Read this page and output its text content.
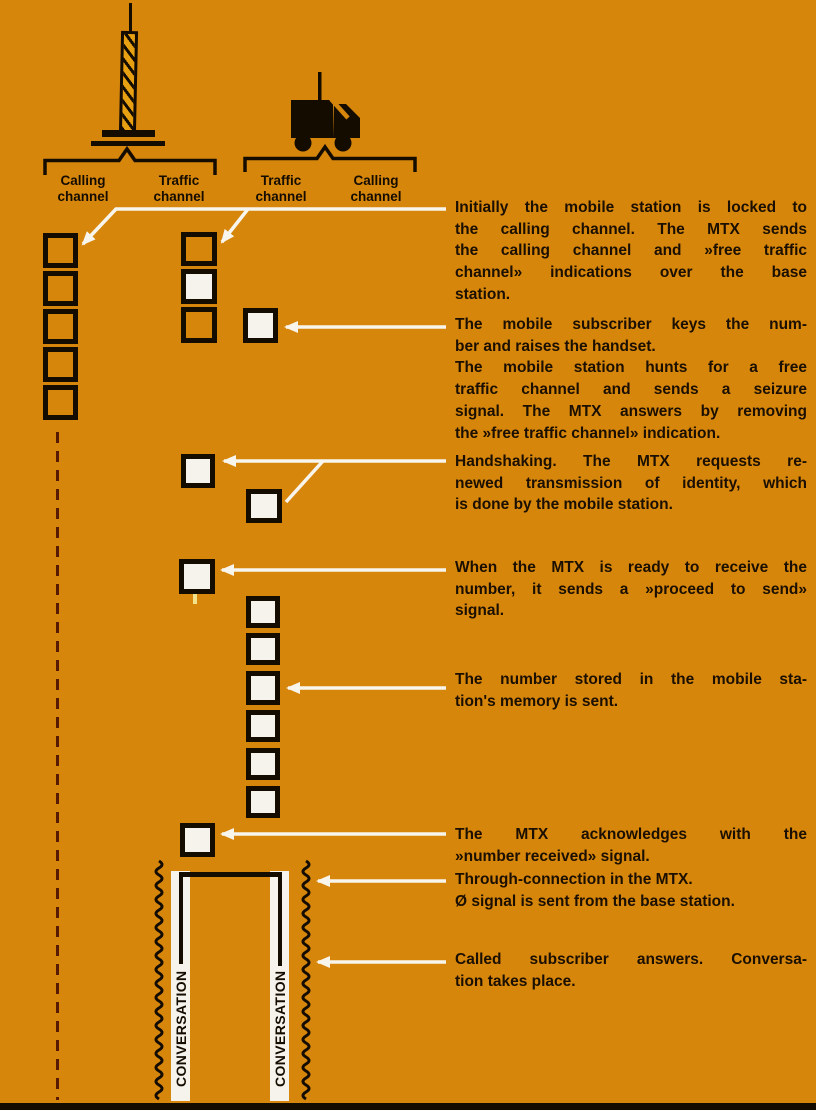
Calling channel
Traffic channel
Traffic channel
Calling channel
CONVERSATION	CONVERSATION
Initially the mobile station is locked to
the calling channel. The MTX sends
the calling channel and »free traffic
channel» indications over the base
station.
The mobile subscriber keys the num-
ber and raises the handset.
The mobile station hunts for a free
traffic channel and sends a seizure
signal. The MTX answers by removing
the »free traffic channel» indication.
Handshaking. The MTX requests re-
newed transmission of identity, which
is done by the mobile station.
When the MTX is ready to receive the
number, it sends a »proceed to send»
signal.
The number stored in the mobile sta-
tion's memory is sent.
The MTX acknowledges with the
»number received» signal.
Through-connection in the MTX.
Ø signal is sent from the base station.
Called subscriber answers. Conversa-
tion takes place.
